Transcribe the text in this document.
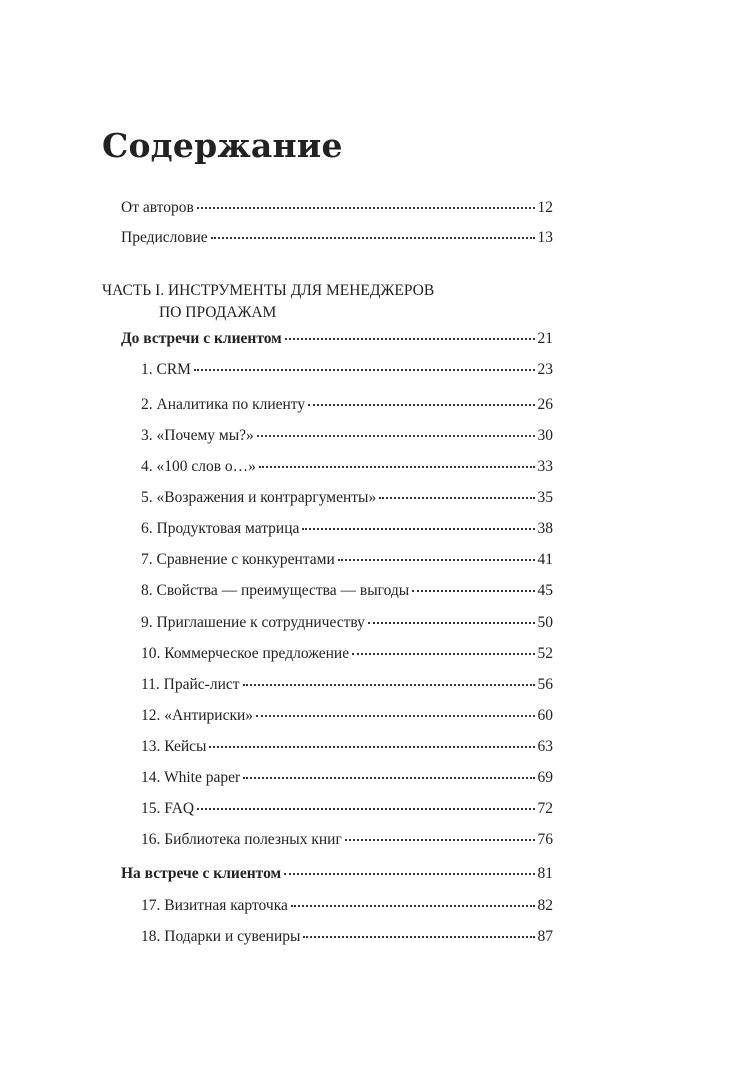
Содержание
От авторов	12
Предисловие	13
ЧАСТЬ I. ИНСТРУМЕНТЫ ДЛЯ МЕНЕДЖЕРОВ
ПО ПРОДАЖАМ
До встречи с клиентом	21
1. CRM	23
2. Аналитика по клиенту	26
3. «Почему мы?»	30
4. «100 слов о…»	33
5. «Возражения и контраргументы»	35
6. Продуктовая матрица	38
7. Сравнение с конкурентами	41
8. Свойства — преимущества — выгоды	45
9. Приглашение к сотрудничеству	50
10. Коммерческое предложение	52
11. Прайс-лист	56
12. «Антириски»	60
13. Кейсы	63
14. White paper	69
15. FAQ	72
16. Библиотека полезных книг	76
На встрече с клиентом	81
17. Визитная карточка	82
18. Подарки и сувениры	87
